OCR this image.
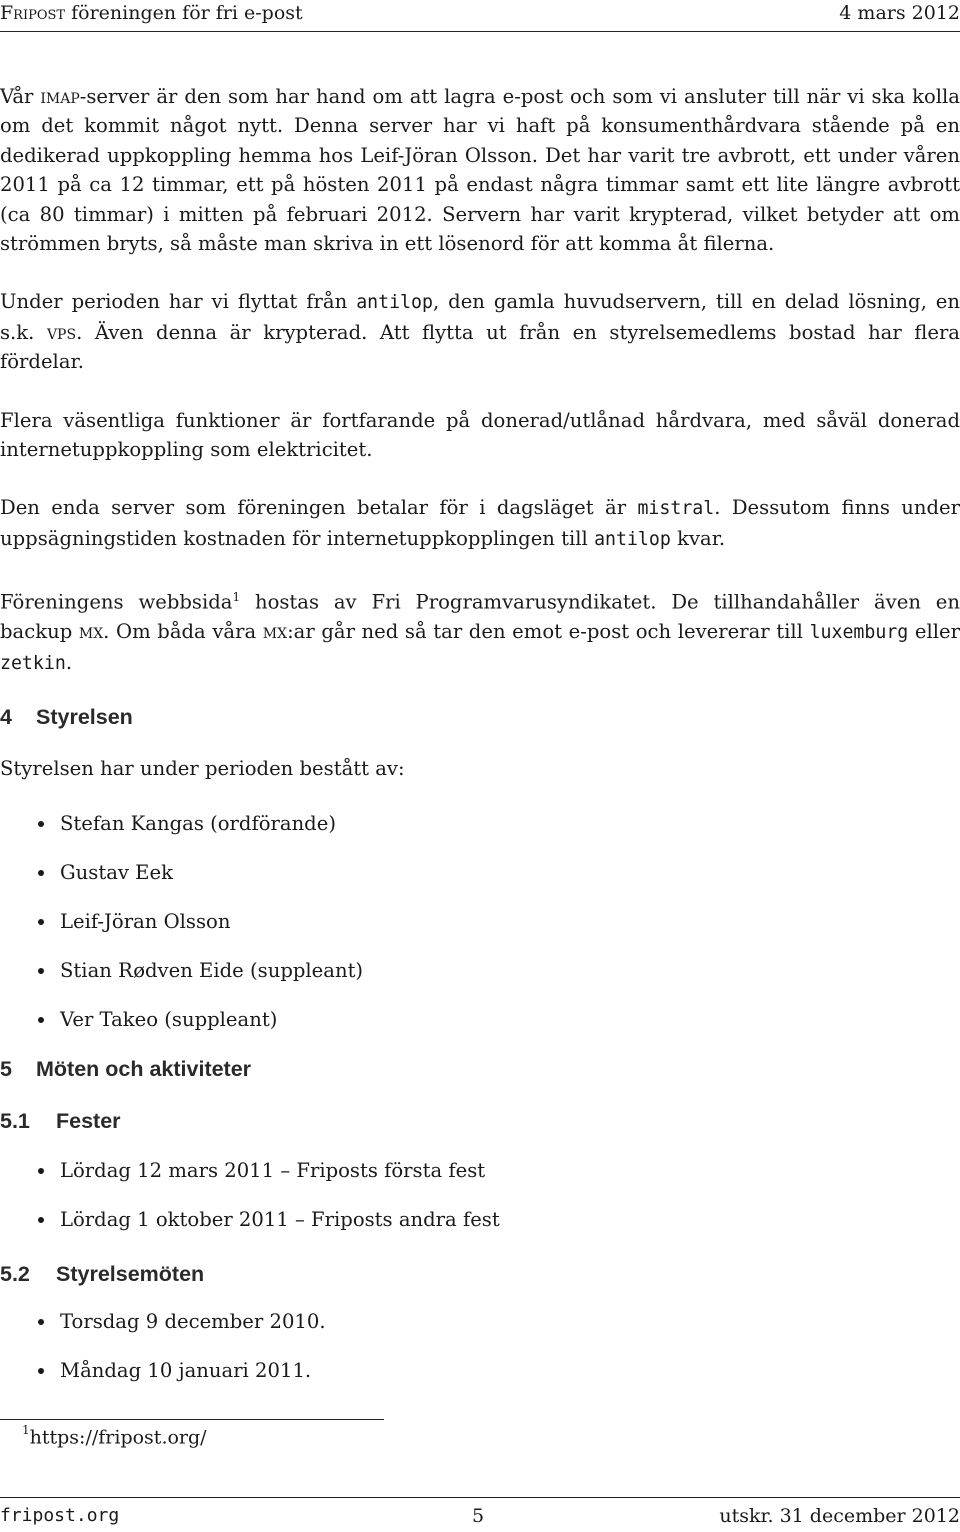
Fripost föreningen för fri e-post	4 mars 2012

Vår imap-server är den som har hand om att lagra e-post och som vi ansluter till när vi ska kolla om det kommit något nytt. Denna server har vi haft på konsumenthårdvara stående på en dedikerad uppkoppling hemma hos Leif-Jöran Olsson. Det har varit tre avbrott, ett under våren 2011 på ca 12 timmar, ett på hösten 2011 på endast några timmar samt ett lite längre avbrott (ca 80 timmar) i mitten på februari 2012. Servern har varit krypterad, vilket betyder att om strömmen bryts, så måste man skriva in ett lösenord för att komma åt filerna.

Under perioden har vi flyttat från antilop, den gamla huvudservern, till en delad lösning, en s.k. vps. Även denna är krypterad. Att flytta ut från en styrelsemedlems bostad har flera fördelar.

Flera väsentliga funktioner är fortfarande på donerad/utlånad hårdvara, med såväl donerad internetuppkoppling som elektricitet.

Den enda server som föreningen betalar för i dagsläget är mistral. Dessutom finns under uppsägningstiden kostnaden för internetuppkopplingen till antilop kvar.

Föreningens webbsida$^1$ hostas av Fri Programvarusyndikatet. De tillhandahåller även en backup mx. Om båda våra mx:ar går ned så tar den emot e-post och levererar till luxemburg eller zetkin.

4 Styrelsen

Styrelsen har under perioden bestått av:

Stefan Kangas (ordförande)
Gustav Eek
Leif-Jöran Olsson
Stian Rødven Eide (suppleant)
Ver Takeo (suppleant)
5 Möten och aktiviteter
5.1 Fester
Lördag 12 mars 2011 – Friposts första fest
Lördag 1 oktober 2011 – Friposts andra fest
5.2 Styrelsemöten
Torsdag 9 december 2010.
Måndag 10 januari 2011.
$^1$https://fripost.org/
fripost.org	5	utskr. 31 december 2012
